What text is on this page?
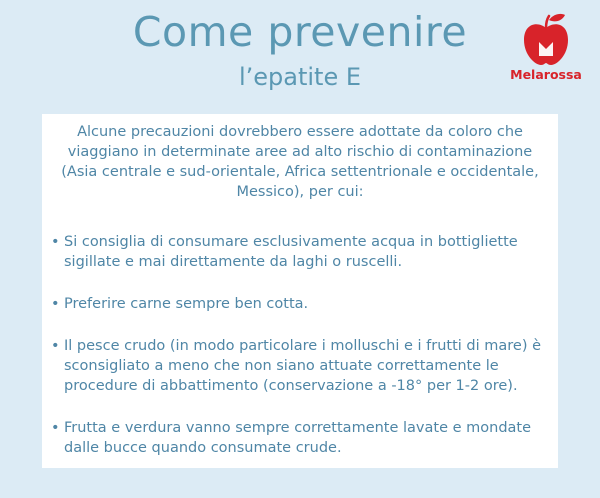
Come prevenire
l’epatite E	Melarossa
Alcune precauzioni dovrebbero essere adottate da coloro che viaggiano in determinate aree ad alto rischio di contaminazione (Asia centrale e sud-orientale, Africa settentrionale e occidentale, Messico), per cui:
• Si consiglia di consumare esclusivamente acqua in bottigliette sigillate e mai direttamente da laghi o ruscelli.
• Preferire carne sempre ben cotta.
• Il pesce crudo (in modo particolare i molluschi e i frutti di mare) è sconsigliato a meno che non siano attuate correttamente le procedure di abbattimento (conservazione a -18° per 1-2 ore).
• Frutta e verdura vanno sempre correttamente lavate e mondate dalle bucce quando consumate crude.
